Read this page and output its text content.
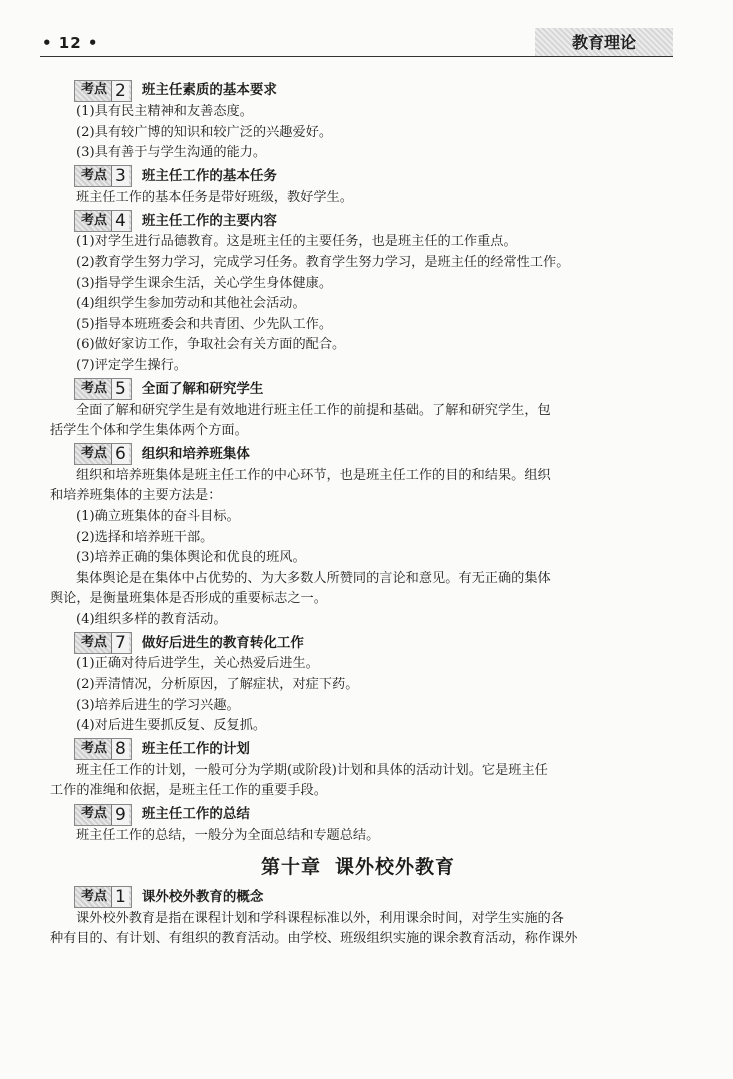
• 12 •	教育理论
考点 2 班主任素质的基本要求
(1)具有民主精神和友善态度。
(2)具有较广博的知识和较广泛的兴趣爱好。
(3)具有善于与学生沟通的能力。
考点 3 班主任工作的基本任务
班主任工作的基本任务是带好班级，教好学生。
考点 4 班主任工作的主要内容
(1)对学生进行品德教育。这是班主任的主要任务，也是班主任的工作重点。
(2)教育学生努力学习，完成学习任务。教育学生努力学习，是班主任的经常性工作。
(3)指导学生课余生活，关心学生身体健康。
(4)组织学生参加劳动和其他社会活动。
(5)指导本班班委会和共青团、少先队工作。
(6)做好家访工作，争取社会有关方面的配合。
(7)评定学生操行。
考点 5 全面了解和研究学生
全面了解和研究学生是有效地进行班主任工作的前提和基础。了解和研究学生，包
括学生个体和学生集体两个方面。
考点 6 组织和培养班集体
组织和培养班集体是班主任工作的中心环节，也是班主任工作的目的和结果。组织
和培养班集体的主要方法是：
(1)确立班集体的奋斗目标。
(2)选择和培养班干部。
(3)培养正确的集体舆论和优良的班风。
集体舆论是在集体中占优势的、为大多数人所赞同的言论和意见。有无正确的集体
舆论，是衡量班集体是否形成的重要标志之一。
(4)组织多样的教育活动。
考点 7 做好后进生的教育转化工作
(1)正确对待后进学生，关心热爱后进生。
(2)弄清情况，分析原因，了解症状，对症下药。
(3)培养后进生的学习兴趣。
(4)对后进生要抓反复、反复抓。
考点 8 班主任工作的计划
班主任工作的计划，一般可分为学期(或阶段)计划和具体的活动计划。它是班主任
工作的准绳和依据，是班主任工作的重要手段。
考点 9 班主任工作的总结
班主任工作的总结，一般分为全面总结和专题总结。
第十章 课外校外教育
考点 1 课外校外教育的概念
课外校外教育是指在课程计划和学科课程标准以外，利用课余时间，对学生实施的各
种有目的、有计划、有组织的教育活动。由学校、班级组织实施的课余教育活动，称作课外
